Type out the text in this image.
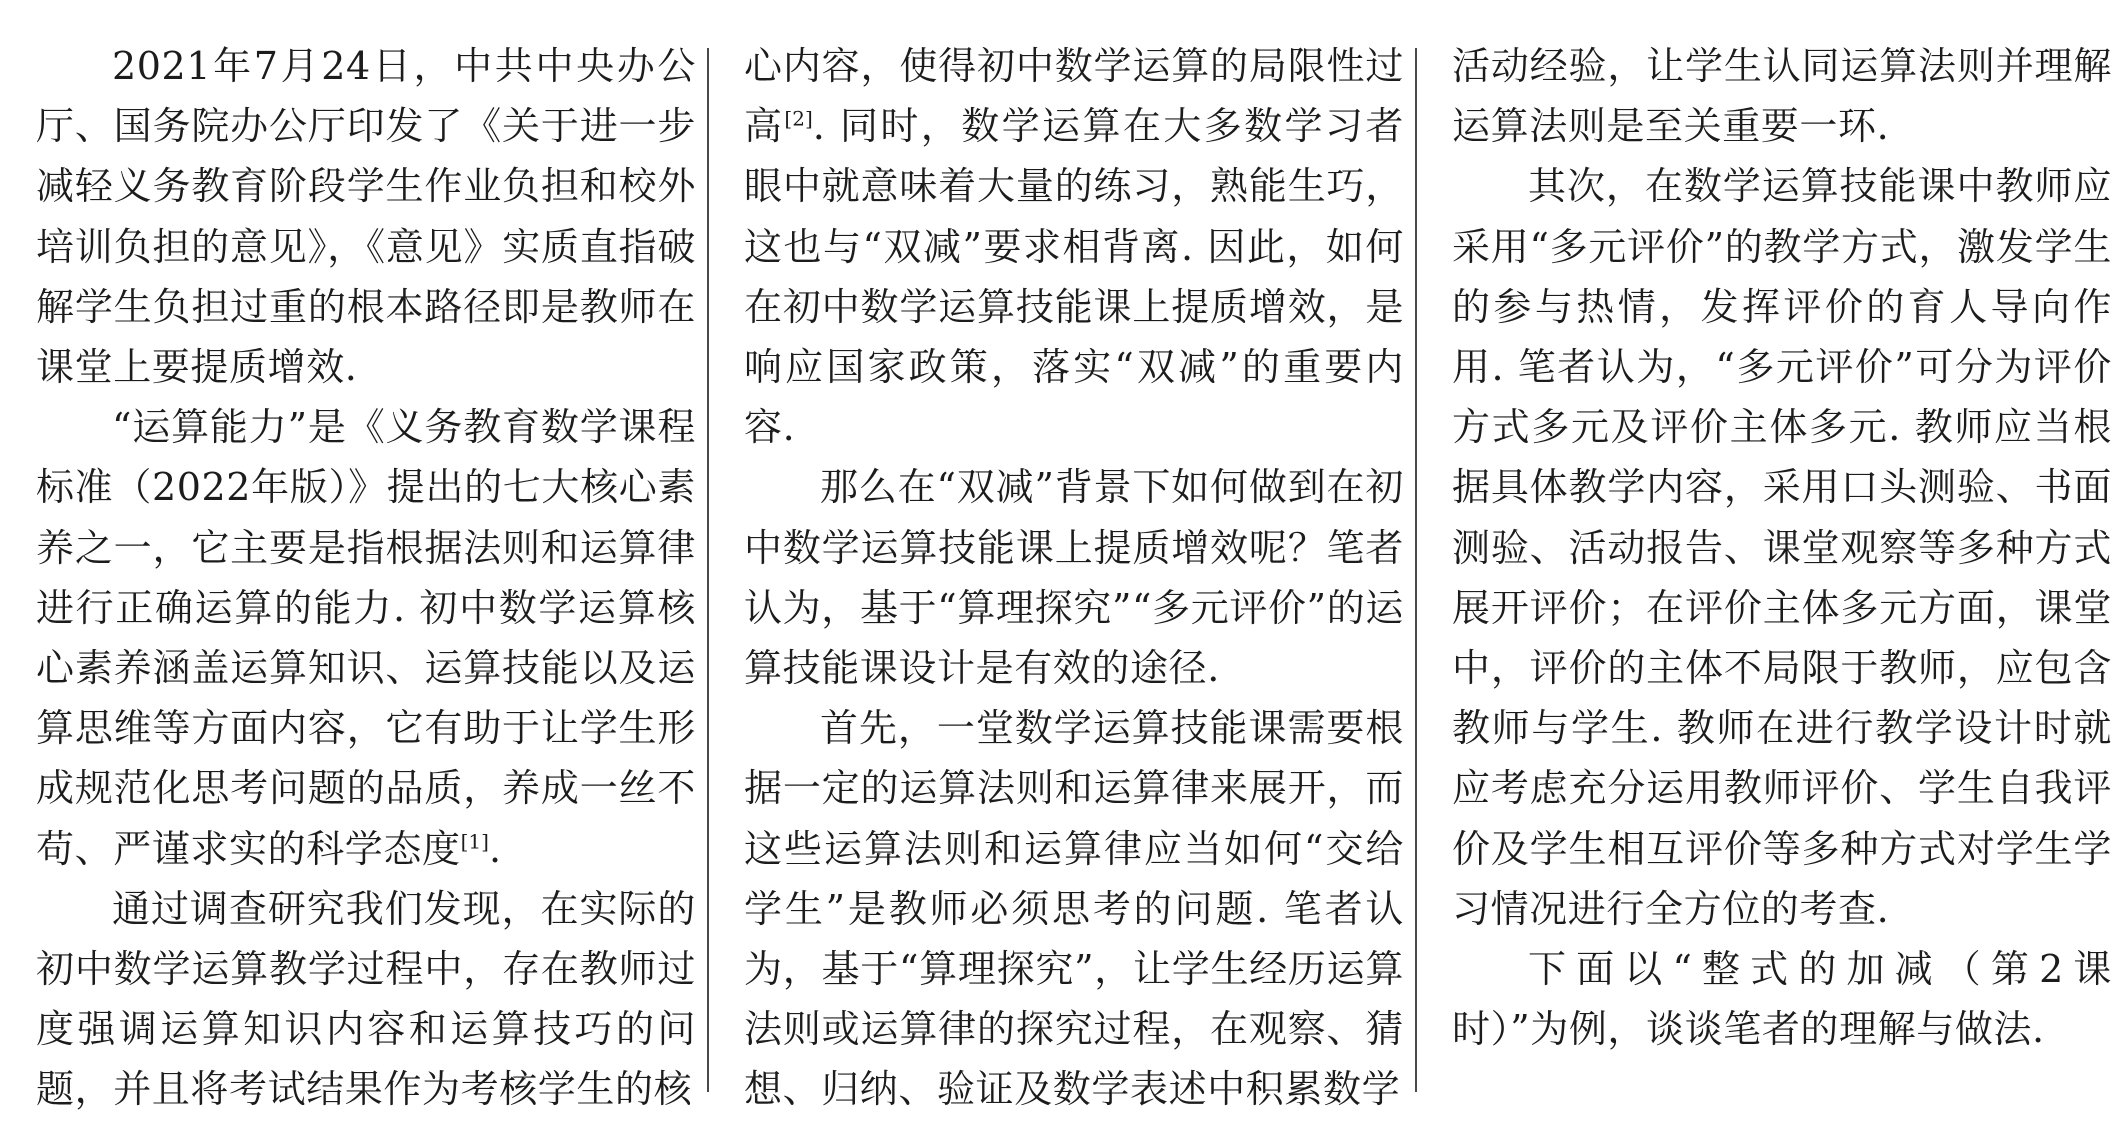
2021年7月24日，中共中央办公厅、国务院办公厅印发了《关于进一步减轻义务教育阶段学生作业负担和校外培训负担的意见》，《意见》实质直指破解学生负担过重的根本路径即是教师在课堂上要提质增效.

“运算能力”是《义务教育数学课程标准（2022年版）》提出的七大核心素养之一，它主要是指根据法则和运算律进行正确运算的能力. 初中数学运算核心素养涵盖运算知识、运算技能以及运算思维等方面内容，它有助于让学生形成规范化思考问题的品质，养成一丝不苟、严谨求实的科学态度[1].

通过调查研究我们发现，在实际的初中数学运算教学过程中，存在教师过度强调运算知识内容和运算技巧的问题，并且将考试结果作为考核学生的核

心内容，使得初中数学运算的局限性过高[2]. 同时，数学运算在大多数学习者眼中就意味着大量的练习，熟能生巧，这也与“双减”要求相背离. 因此，如何在初中数学运算技能课上提质增效，是响应国家政策，落实“双减”的重要内容.

那么在“双减”背景下如何做到在初中数学运算技能课上提质增效呢？笔者认为，基于“算理探究”“多元评价”的运算技能课设计是有效的途径.

首先，一堂数学运算技能课需要根据一定的运算法则和运算律来展开，而这些运算法则和运算律应当如何“交给学生”是教师必须思考的问题. 笔者认为，基于“算理探究”，让学生经历运算法则或运算律的探究过程，在观察、猜想、归纳、验证及数学表述中积累数学

活动经验，让学生认同运算法则并理解运算法则是至关重要一环.

其次，在数学运算技能课中教师应采用“多元评价”的教学方式，激发学生的参与热情，发挥评价的育人导向作用. 笔者认为，“多元评价”可分为评价方式多元及评价主体多元. 教师应当根据具体教学内容，采用口头测验、书面测验、活动报告、课堂观察等多种方式展开评价；在评价主体多元方面，课堂中，评价的主体不局限于教师，应包含教师与学生. 教师在进行教学设计时就应考虑充分运用教师评价、学生自我评价及学生相互评价等多种方式对学生学习情况进行全方位的考查.

下面以“整式的加减（第2课时）”为例，谈谈笔者的理解与做法.
